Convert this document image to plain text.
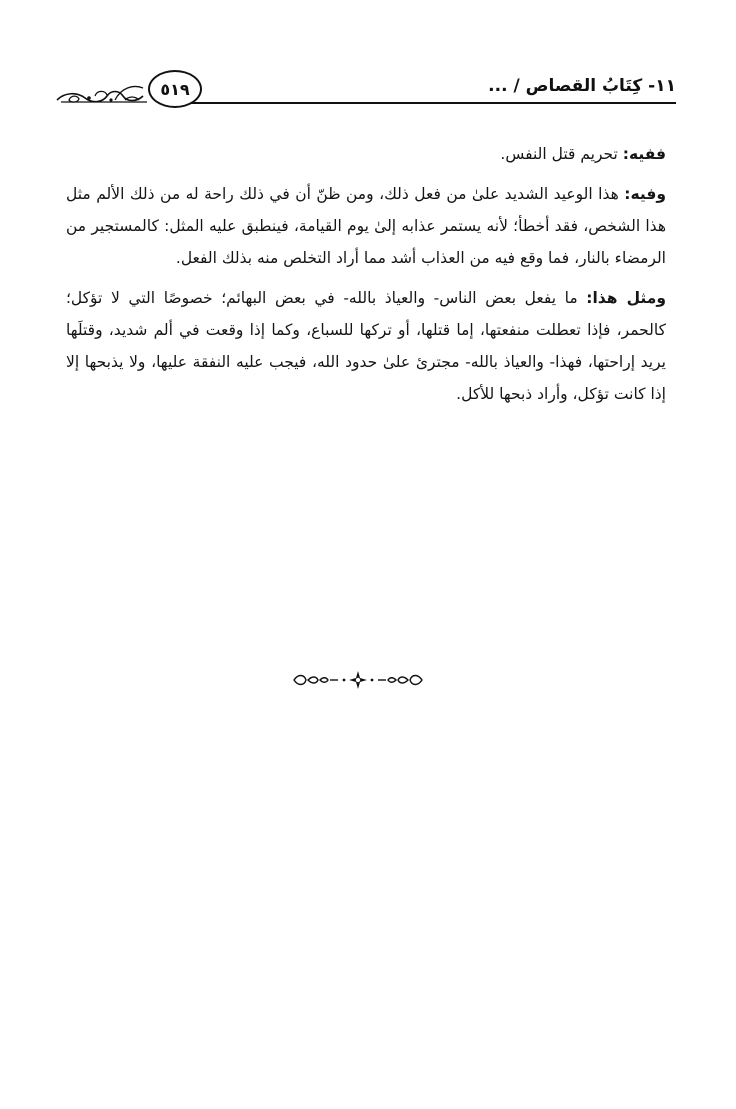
٥١٩	١١- كِتَابُ القصاص / ...

ففيه: تحريم قتل النفس.

وفيه: هذا الوعيد الشديد علىٰ من فعل ذلك، ومن ظنّ أن في ذلك راحة له من ذلك الألم مثل هذا الشخص، فقد أخطأ؛ لأنه يستمر عذابه إلىٰ يوم القيامة، فينطبق عليه المثل: كالمستجير من الرمضاء بالنار، فما وقع فيه من العذاب أشد مما أراد التخلص منه بذلك الفعل.

ومثل هذا: ما يفعل بعض الناس- والعياذ بالله- في بعض البهائم؛ خصوصًا التي لا تؤكل؛ كالحمر، فإذا تعطلت منفعتها، إما قتلها، أو تركها للسباع، وكما إذا وقعت في ألم شديد، وقتلَها يريد إراحتها، فهذا- والعياذ بالله- مجترئ علىٰ حدود الله، فيجب عليه النفقة عليها، ولا يذبحها إلا إذا كانت تؤكل، وأراد ذبحها للأكل.
